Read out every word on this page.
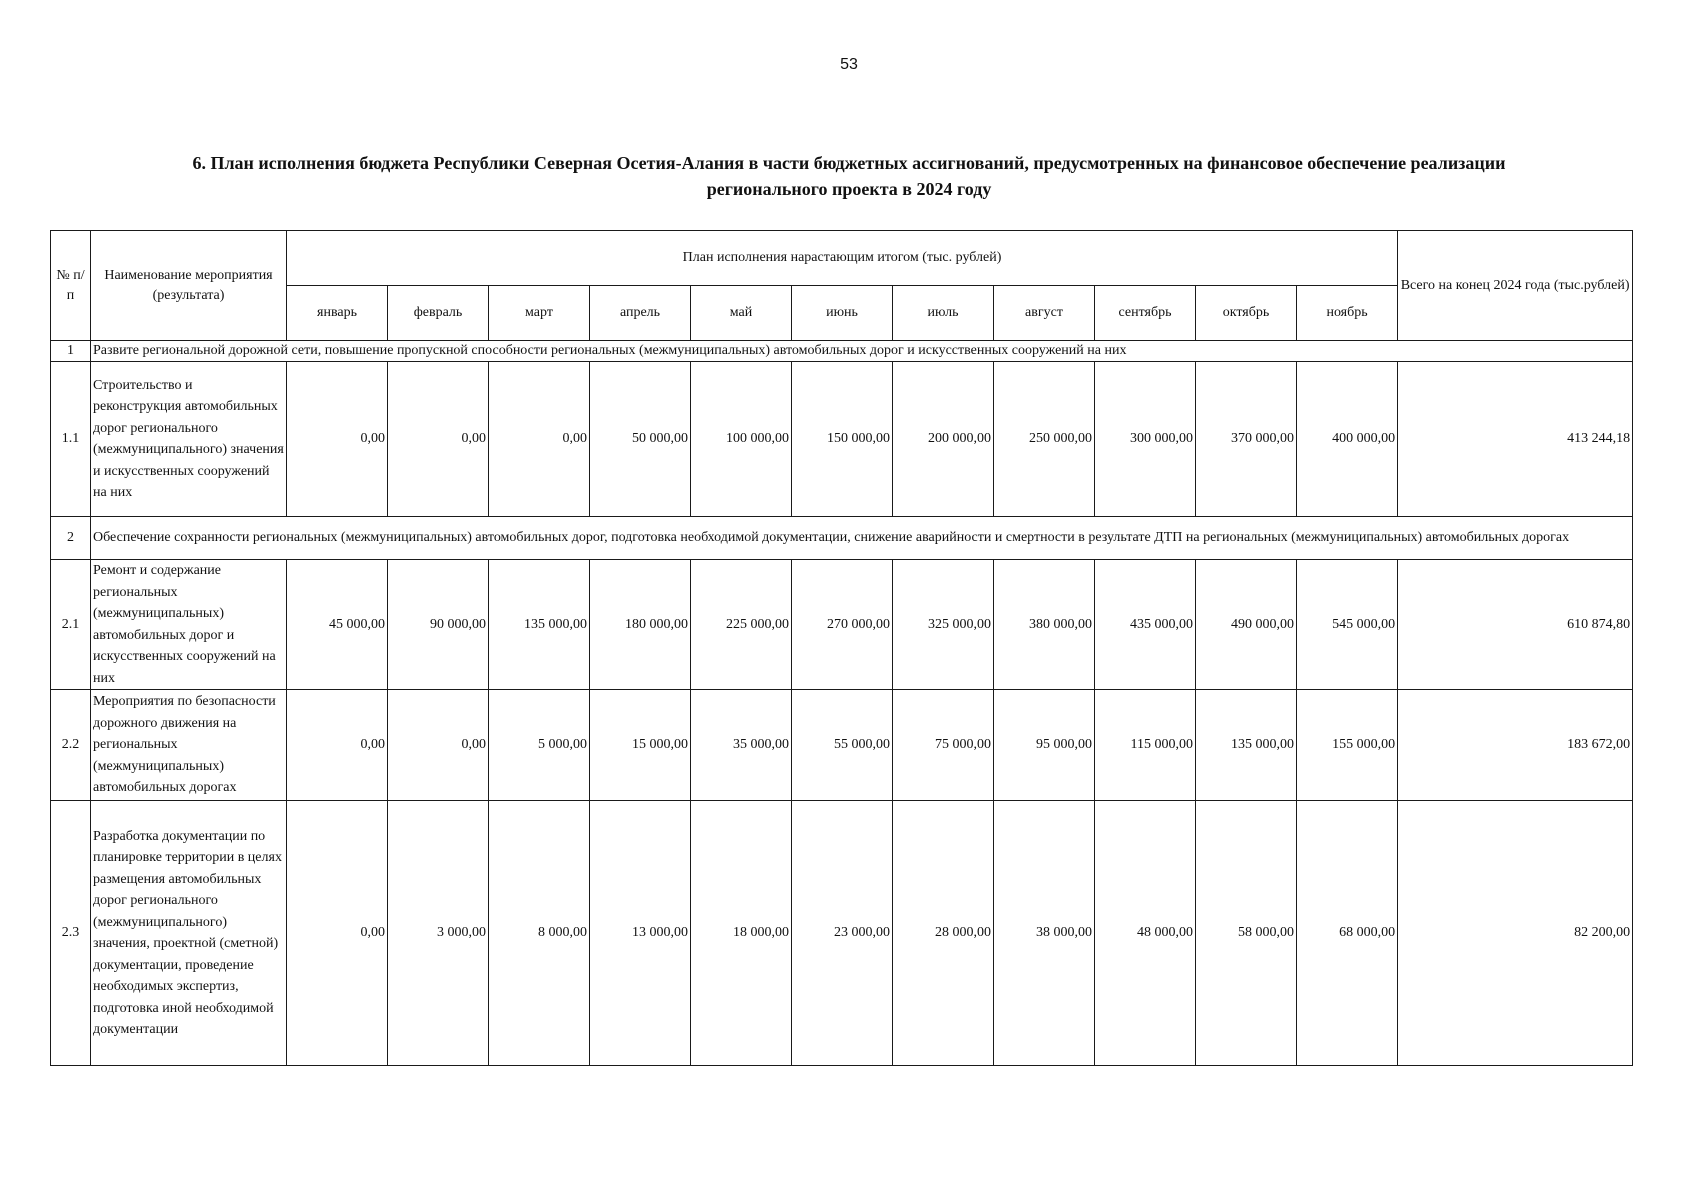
53
6. План исполнения бюджета Республики Северная Осетия-Алания в части бюджетных ассигнований, предусмотренных на финансовое обеспечение реализации
регионального проекта в 2024 году
№ п/п	Наименование мероприятия (результата)	План исполнения нарастающим итогом (тыс. рублей)											Всего на конец 2024 года (тыс.рублей)
		январь	февраль	март	апрель	май	июнь	июль	август	сентябрь	октябрь	ноябрь	
1	Развите региональной дорожной сети, повышение пропускной способности региональных (межмуниципальных) автомобильных дорог и искусственных сооружений на них												
1.1	Строительство и реконструкция автомобильных дорог регионального (межмуниципального) значения и искусственных сооружений на них	0,00	0,00	0,00	50 000,00	100 000,00	150 000,00	200 000,00	250 000,00	300 000,00	370 000,00	400 000,00	413 244,18
2	Обеспечение сохранности региональных (межмуниципальных) автомобильных дорог, подготовка необходимой документации, снижение аварийности и смертности в результате ДТП на региональных (межмуниципальных) автомобильных дорогах												
2.1	Ремонт и содержание региональных (межмуниципальных) автомобильных дорог и искусственных сооружений на них	45 000,00	90 000,00	135 000,00	180 000,00	225 000,00	270 000,00	325 000,00	380 000,00	435 000,00	490 000,00	545 000,00	610 874,80
2.2	Мероприятия по безопасности дорожного движения на региональных (межмуниципальных) автомобильных дорогах	0,00	0,00	5 000,00	15 000,00	35 000,00	55 000,00	75 000,00	95 000,00	115 000,00	135 000,00	155 000,00	183 672,00
2.3	Разработка документации по планировке территории в целях размещения автомобильных дорог регионального (межмуниципального) значения, проектной (сметной) документации, проведение необходимых экспертиз, подготовка иной необходимой документации	0,00	3 000,00	8 000,00	13 000,00	18 000,00	23 000,00	28 000,00	38 000,00	48 000,00	58 000,00	68 000,00	82 200,00
